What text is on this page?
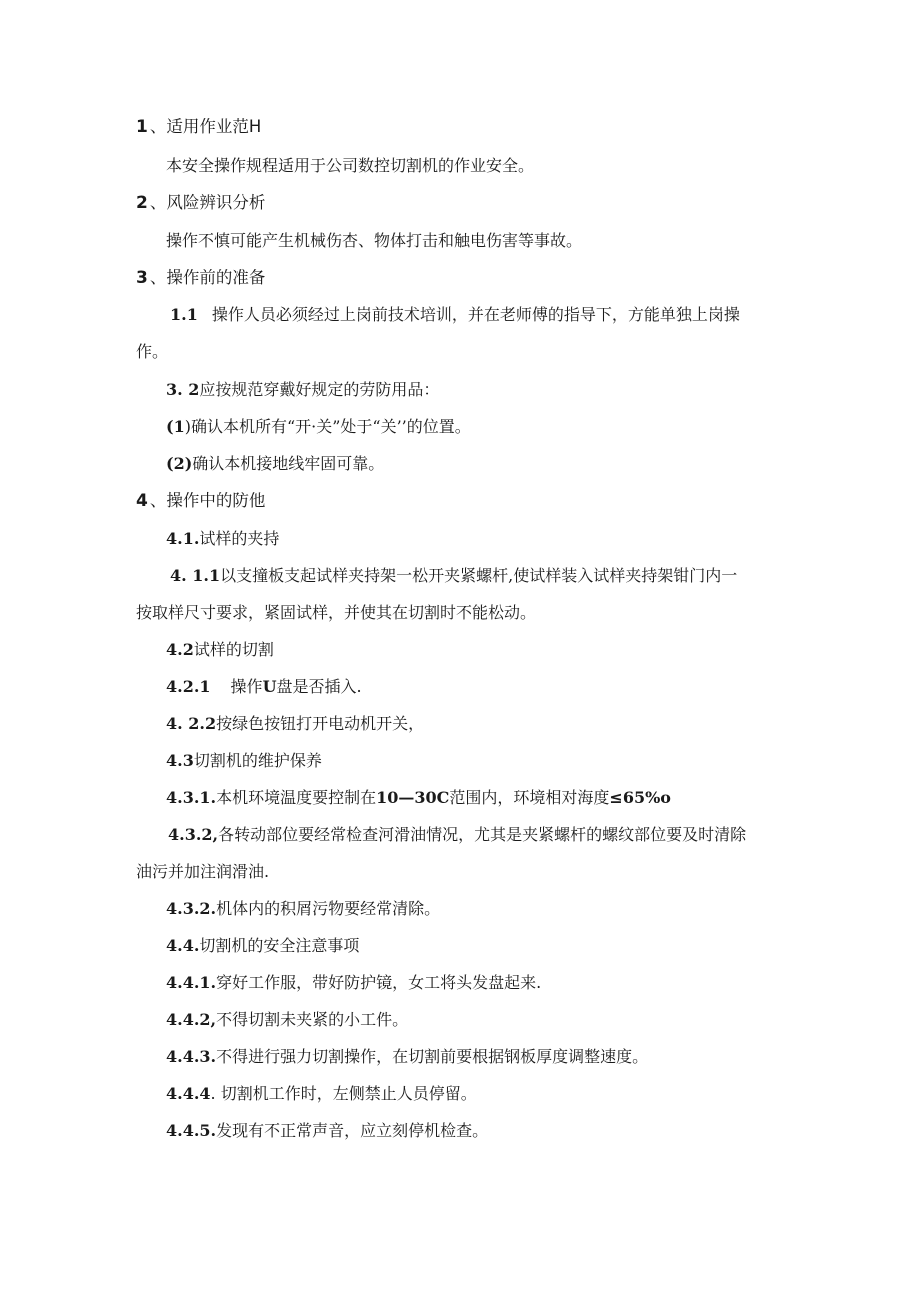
1 、适用作业范H
本安全操作规程适用于公司数控切割机的作业安全。
2 、风险辨识分析
操作不慎可能产生机械伤杏、物体打击和触电伤害等事故。
3 、操作前的准备
1.1 操作人员必须经过上岗前技术培训，并在老师傅的指导下，方能单独上岗操
作。
3. 2应按规范穿戴好规定的劳防用品：
(1)确认本机所有“开·关”处于“关’’的位置。
(2)确认本机接地线牢固可靠。
4 、操作中的防他
4.1.试样的夹持
4. 1.1以支撞板支起试样夹持架一松开夹紧螺杆,使试样装入试样夹持架钳门内一
按取样尺寸要求，紧固试样，并使其在切割时不能松动。
4.2试样的切割
4.2.1 操作U盘是否插入.
4. 2.2按绿色按钮打开电动机开关，
4.3切割机的维护保养
4.3.1.本机环境温度要控制在10—30C范围内，环境相对海度≤65%o
4.3.2,各转动部位要经常检查河滑油情况，尤其是夹紧螺杆的螺纹部位要及时清除
油污并加注润滑油.
4.3.2.机体内的积屑污物要经常清除。
4.4.切割机的安全注意事项
4.4.1.穿好工作服，带好防护镜，女工将头发盘起来.
4.4.2,不得切割未夹紧的小工件。
4.4.3.不得进行强力切割操作，在切割前要根据钢板厚度调整速度。
4.4.4. 切割机工作时，左侧禁止人员停留。
4.4.5.发现有不正常声音，应立刻停机检查。
